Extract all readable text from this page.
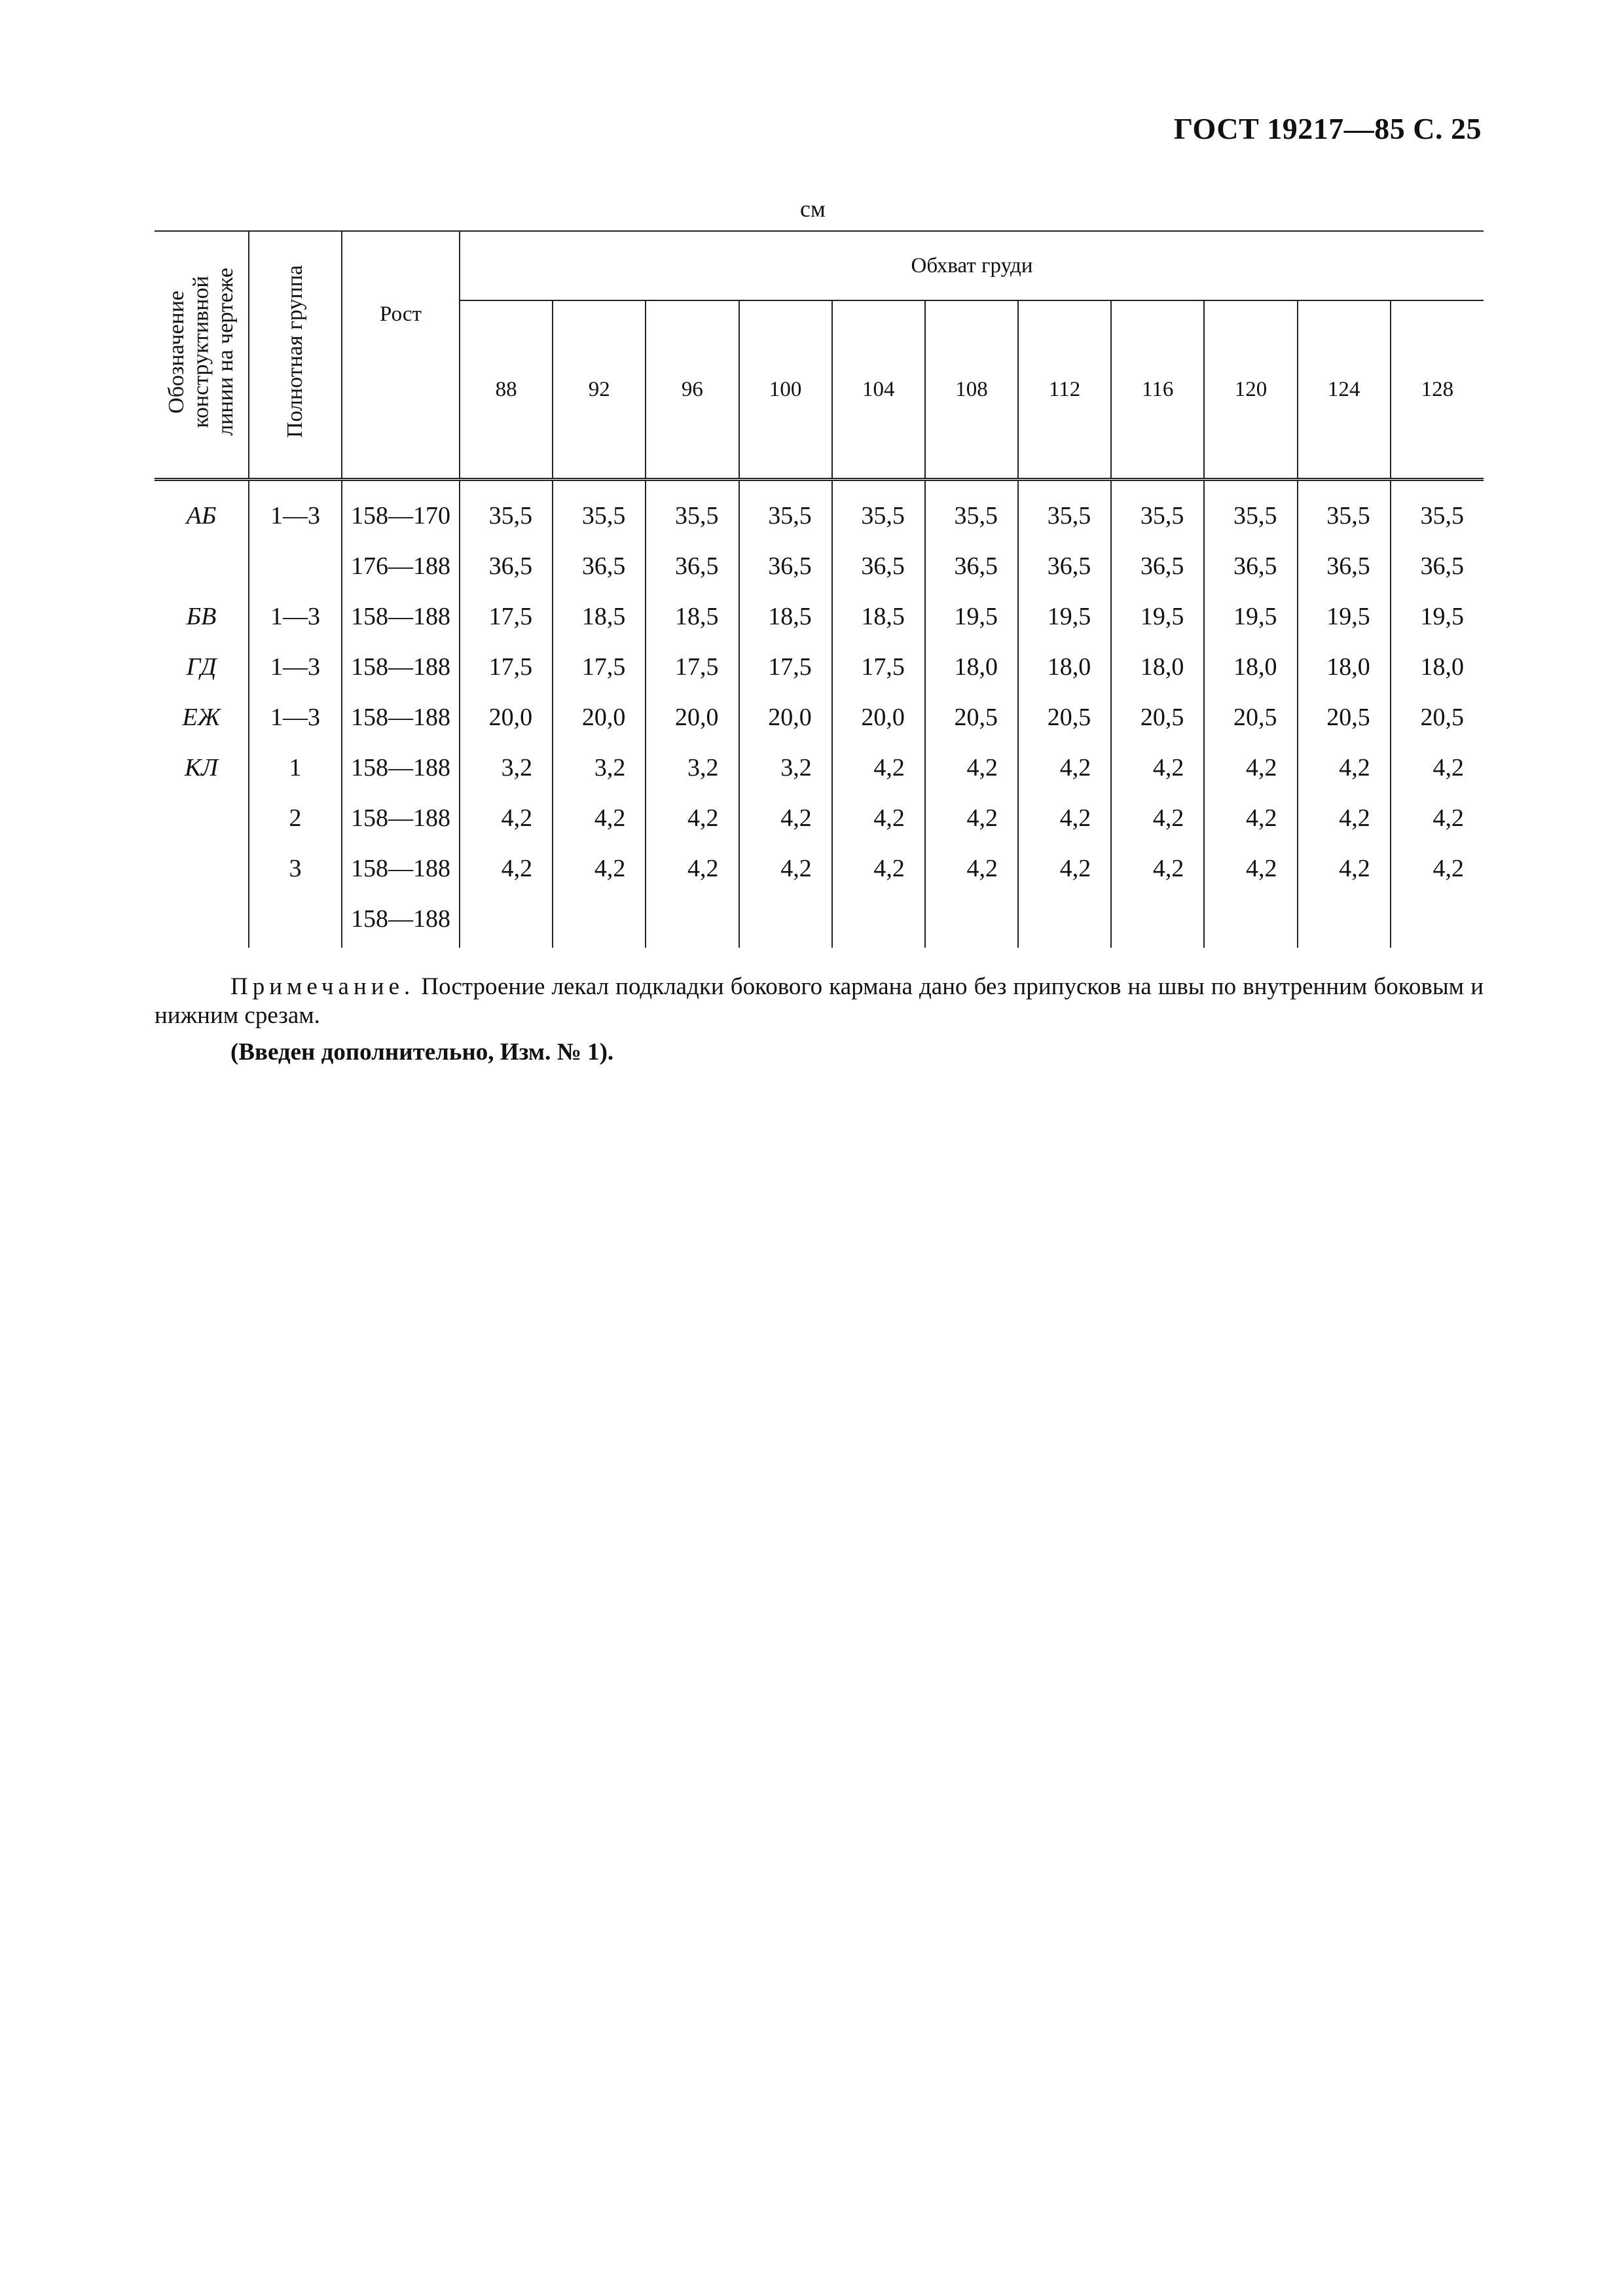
ГОСТ 19217—85 С. 25
см
Обозначение
конструктивной
линии на чертеже	Полнотная группа	Рост	Обхват груди										
			88	92	96	100	104	108	112	116	120	124	128
АБ	1—3	158—170	35,5	35,5	35,5	35,5	35,5	35,5	35,5	35,5	35,5	35,5	35,5
		176—188	36,5	36,5	36,5	36,5	36,5	36,5	36,5	36,5	36,5	36,5	36,5
БВ	1—3	158—188	17,5	18,5	18,5	18,5	18,5	19,5	19,5	19,5	19,5	19,5	19,5
ГД	1—3	158—188	17,5	17,5	17,5	17,5	17,5	18,0	18,0	18,0	18,0	18,0	18,0
ЕЖ	1—3	158—188	20,0	20,0	20,0	20,0	20,0	20,5	20,5	20,5	20,5	20,5	20,5
КЛ	1	158—188	3,2	3,2	3,2	3,2	4,2	4,2	4,2	4,2	4,2	4,2	4,2
	2	158—188	4,2	4,2	4,2	4,2	4,2	4,2	4,2	4,2	4,2	4,2	4,2
	3	158—188	4,2	4,2	4,2	4,2	4,2	4,2	4,2	4,2	4,2	4,2	4,2
		158—188											
Примечание. Построение лекал подкладки бокового кармана дано без припусков на швы по внутренним боковым и нижним срезам.
(Введен дополнительно, Изм. № 1).
